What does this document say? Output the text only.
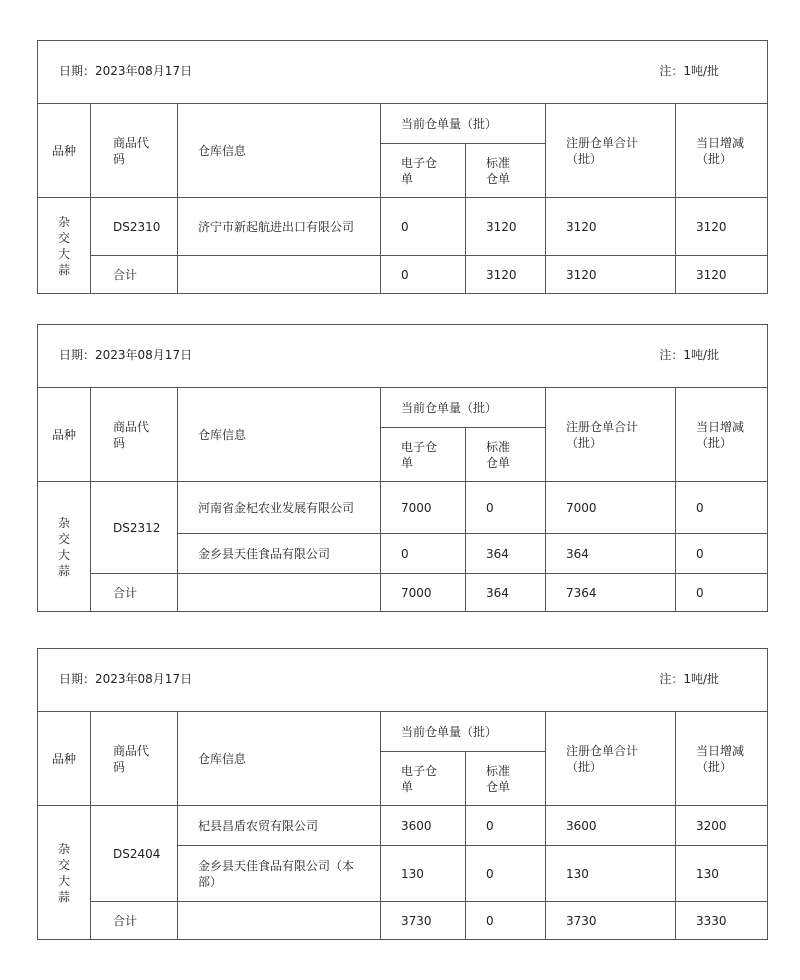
日期：2023年08月17日 注：1吨/批						

品种	商品代码	仓库信息	当前仓单量（批）		注册仓单合计（批）	当日增减（批）
			电子仓单	标准仓单		
杂交大蒜	DS2310	济宁市新起航进出口有限公司	0	3120	3120	3120
	合计		0	3120	3120	3120
日期：2023年08月17日 注：1吨/批						

品种	商品代码	仓库信息	当前仓单量（批）		注册仓单合计（批）	当日增减（批）
			电子仓单	标准仓单		
杂交大蒜	DS2312	河南省金杞农业发展有限公司	7000	0	7000	0
		金乡县天佳食品有限公司	0	364	364	0
	合计		7000	364	7364	0
日期：2023年08月17日 注：1吨/批						

品种	商品代码	仓库信息	当前仓单量（批）		注册仓单合计（批）	当日增减（批）
			电子仓单	标准仓单		
杂交大蒜	DS2404	杞县昌盾农贸有限公司	3600	0	3600	3200
		金乡县天佳食品有限公司（本部）	130	0	130	130
	合计		3730	0	3730	3330
